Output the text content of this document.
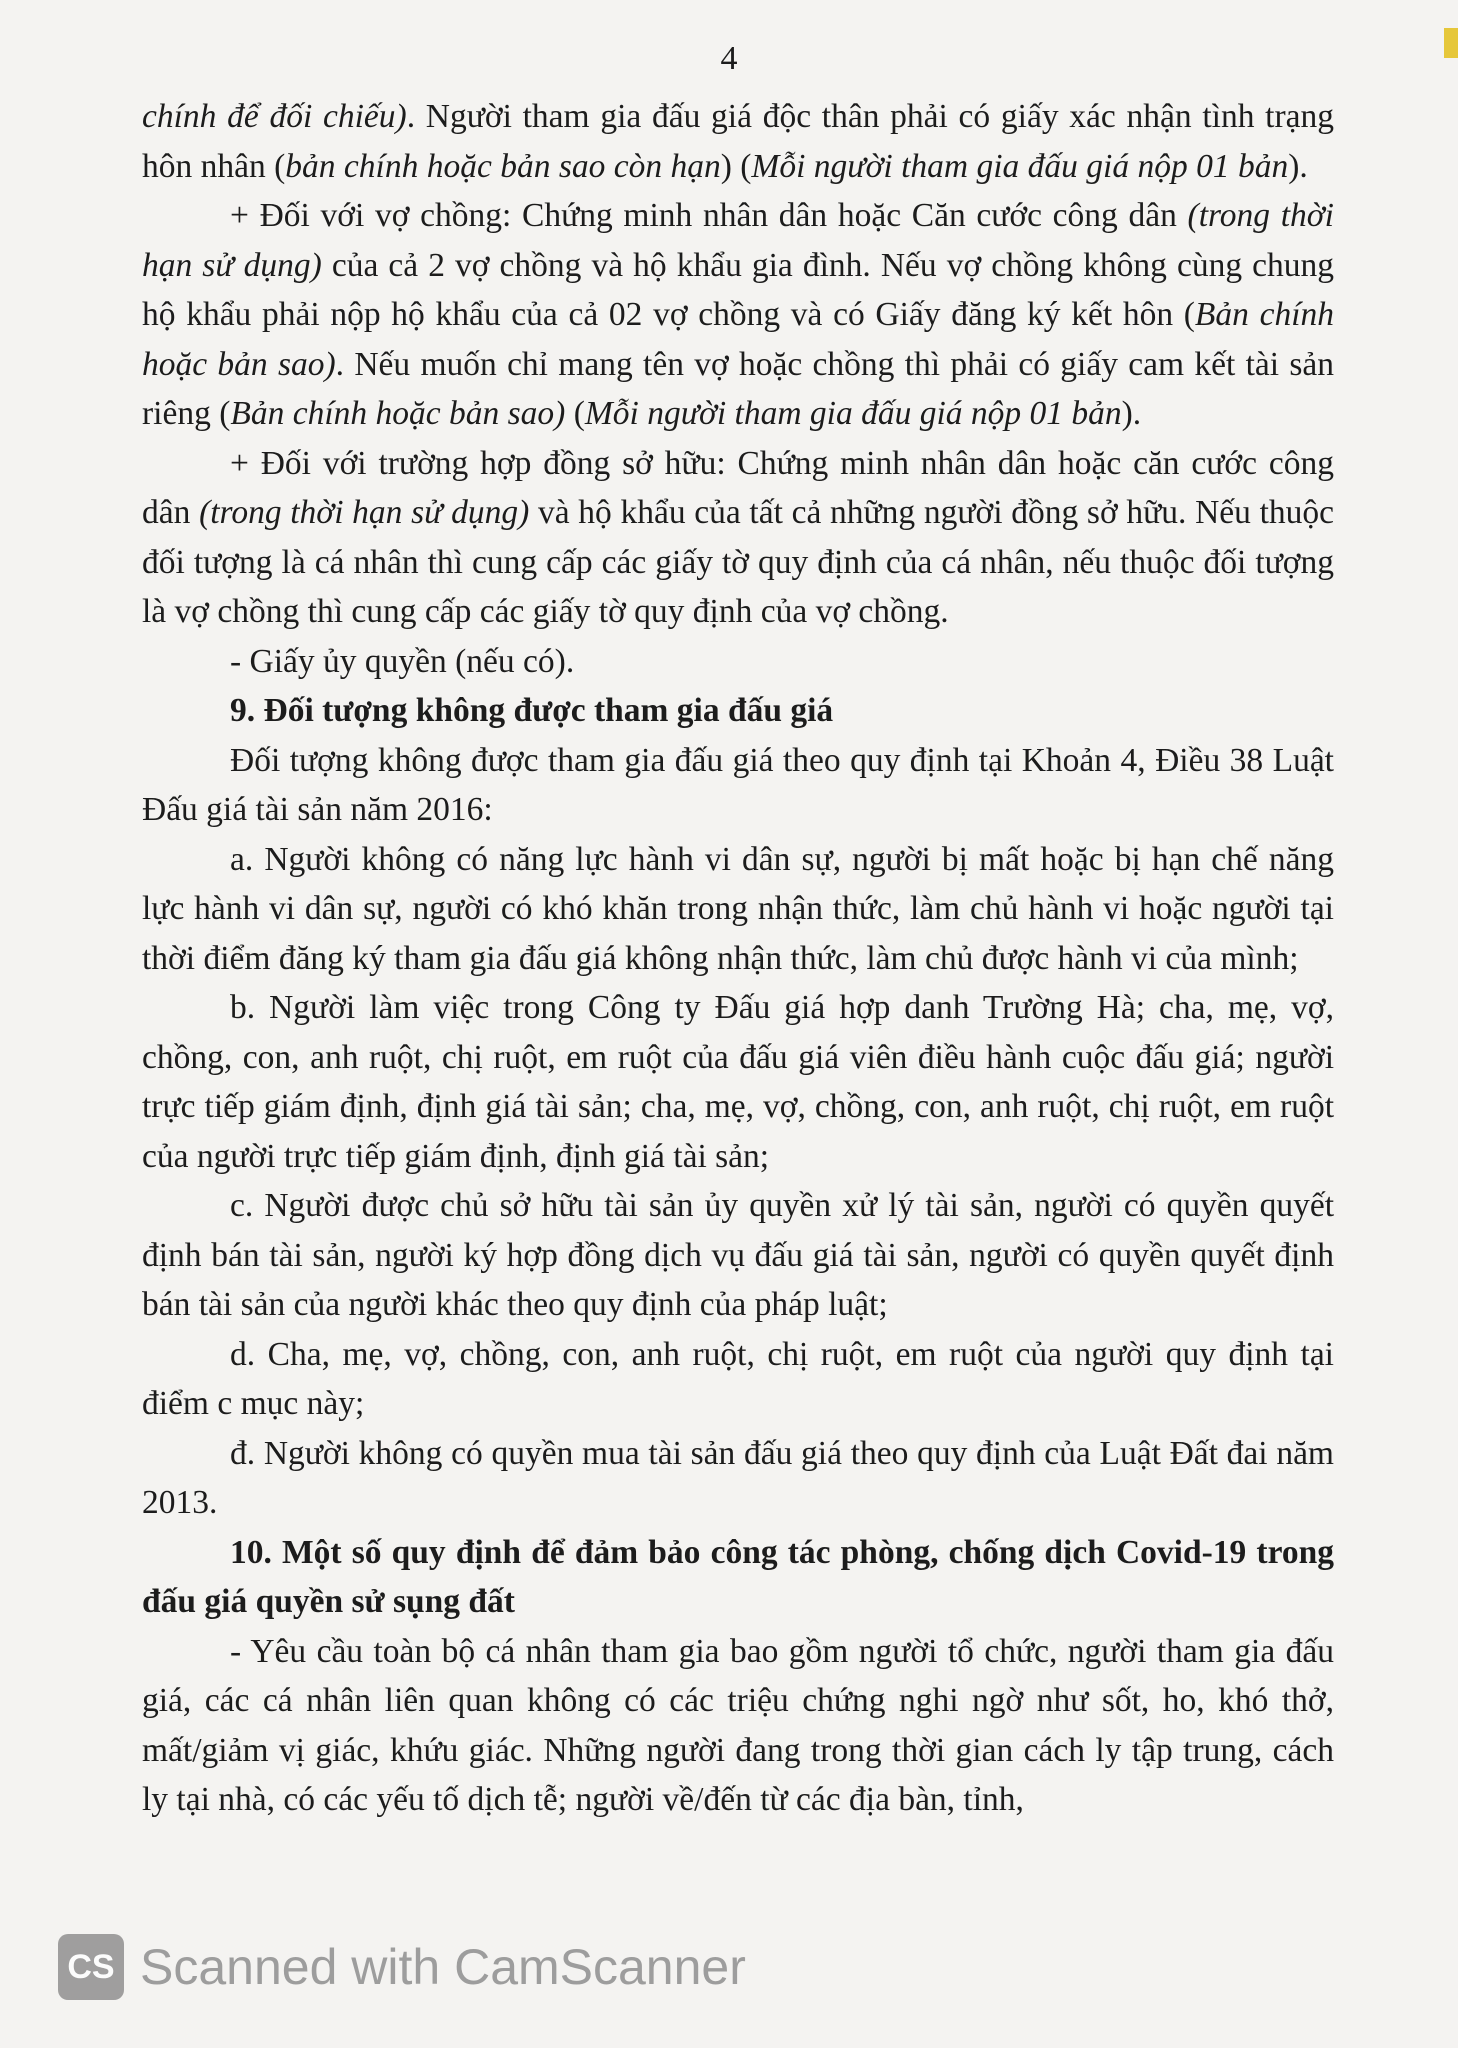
4

chính để đối chiếu). Người tham gia đấu giá độc thân phải có giấy xác nhận tình trạng hôn nhân (bản chính hoặc bản sao còn hạn) (Mỗi người tham gia đấu giá nộp 01 bản).

+ Đối với vợ chồng: Chứng minh nhân dân hoặc Căn cước công dân (trong thời hạn sử dụng) của cả 2 vợ chồng và hộ khẩu gia đình. Nếu vợ chồng không cùng chung hộ khẩu phải nộp hộ khẩu của cả 02 vợ chồng và có Giấy đăng ký kết hôn (Bản chính hoặc bản sao). Nếu muốn chỉ mang tên vợ hoặc chồng thì phải có giấy cam kết tài sản riêng (Bản chính hoặc bản sao) (Mỗi người tham gia đấu giá nộp 01 bản).

+ Đối với trường hợp đồng sở hữu: Chứng minh nhân dân hoặc căn cước công dân (trong thời hạn sử dụng) và hộ khẩu của tất cả những người đồng sở hữu. Nếu thuộc đối tượng là cá nhân thì cung cấp các giấy tờ quy định của cá nhân, nếu thuộc đối tượng là vợ chồng thì cung cấp các giấy tờ quy định của vợ chồng.

- Giấy ủy quyền (nếu có).

9. Đối tượng không được tham gia đấu giá

Đối tượng không được tham gia đấu giá theo quy định tại Khoản 4, Điều 38 Luật Đấu giá tài sản năm 2016:

a. Người không có năng lực hành vi dân sự, người bị mất hoặc bị hạn chế năng lực hành vi dân sự, người có khó khăn trong nhận thức, làm chủ hành vi hoặc người tại thời điểm đăng ký tham gia đấu giá không nhận thức, làm chủ được hành vi của mình;

b. Người làm việc trong Công ty Đấu giá hợp danh Trường Hà; cha, mẹ, vợ, chồng, con, anh ruột, chị ruột, em ruột của đấu giá viên điều hành cuộc đấu giá; người trực tiếp giám định, định giá tài sản; cha, mẹ, vợ, chồng, con, anh ruột, chị ruột, em ruột của người trực tiếp giám định, định giá tài sản;

c. Người được chủ sở hữu tài sản ủy quyền xử lý tài sản, người có quyền quyết định bán tài sản, người ký hợp đồng dịch vụ đấu giá tài sản, người có quyền quyết định bán tài sản của người khác theo quy định của pháp luật;

d. Cha, mẹ, vợ, chồng, con, anh ruột, chị ruột, em ruột của người quy định tại điểm c mục này;

đ. Người không có quyền mua tài sản đấu giá theo quy định của Luật Đất đai năm 2013.

10. Một số quy định để đảm bảo công tác phòng, chống dịch Covid-19 trong đấu giá quyền sử sụng đất

- Yêu cầu toàn bộ cá nhân tham gia bao gồm người tổ chức, người tham gia đấu giá, các cá nhân liên quan không có các triệu chứng nghi ngờ như sốt, ho, khó thở, mất/giảm vị giác, khứu giác. Những người đang trong thời gian cách ly tập trung, cách ly tại nhà, có các yếu tố dịch tễ; người về/đến từ các địa bàn, tỉnh,

CS Scanned with CamScanner
